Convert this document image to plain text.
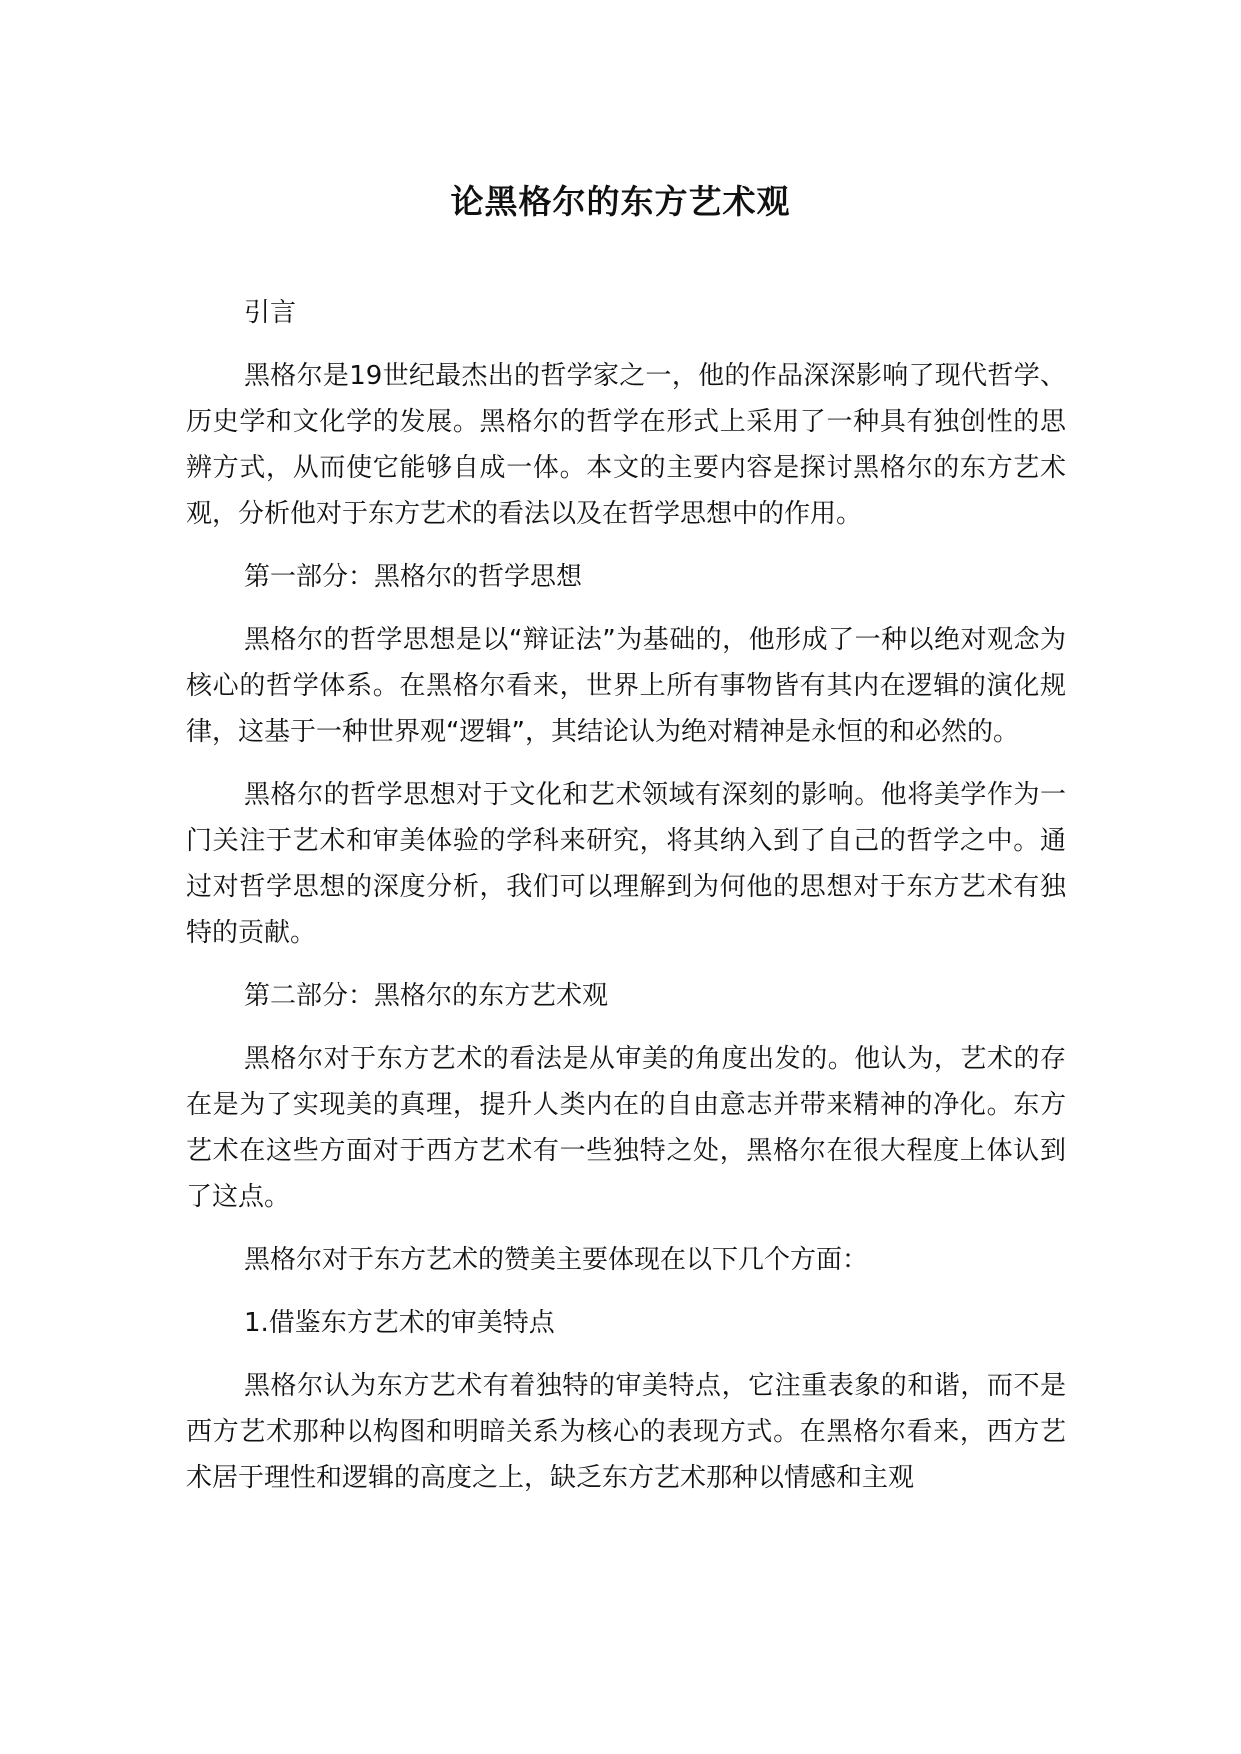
论黑格尔的东方艺术观

引言

黑格尔是19世纪最杰出的哲学家之一，他的作品深深影响了现代哲学、历史学和文化学的发展。黑格尔的哲学在形式上采用了一种具有独创性的思辨方式，从而使它能够自成一体。本文的主要内容是探讨黑格尔的东方艺术观，分析他对于东方艺术的看法以及在哲学思想中的作用。

第一部分：黑格尔的哲学思想

黑格尔的哲学思想是以“辩证法”为基础的，他形成了一种以绝对观念为核心的哲学体系。在黑格尔看来，世界上所有事物皆有其内在逻辑的演化规律，这基于一种世界观“逻辑”，其结论认为绝对精神是永恒的和必然的。

黑格尔的哲学思想对于文化和艺术领域有深刻的影响。他将美学作为一门关注于艺术和审美体验的学科来研究，将其纳入到了自己的哲学之中。通过对哲学思想的深度分析，我们可以理解到为何他的思想对于东方艺术有独特的贡献。

第二部分：黑格尔的东方艺术观

黑格尔对于东方艺术的看法是从审美的角度出发的。他认为，艺术的存在是为了实现美的真理，提升人类内在的自由意志并带来精神的净化。东方艺术在这些方面对于西方艺术有一些独特之处，黑格尔在很大程度上体认到了这点。

黑格尔对于东方艺术的赞美主要体现在以下几个方面：

1.借鉴东方艺术的审美特点

黑格尔认为东方艺术有着独特的审美特点，它注重表象的和谐，而不是西方艺术那种以构图和明暗关系为核心的表现方式。在黑格尔看来，西方艺术居于理性和逻辑的高度之上，缺乏东方艺术那种以情感和主观
